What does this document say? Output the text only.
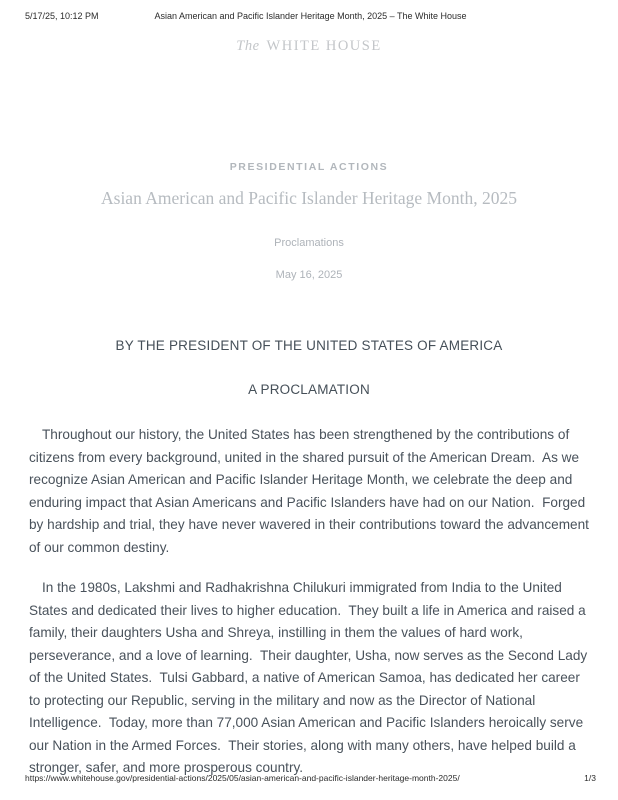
5/17/25, 10:12 PM	Asian American and Pacific Islander Heritage Month, 2025 – The White House
The WHITE HOUSE
PRESIDENTIAL ACTIONS
Asian American and Pacific Islander Heritage Month, 2025
Proclamations
May 16, 2025
BY THE PRESIDENT OF THE UNITED STATES OF AMERICA
A PROCLAMATION

Throughout our history, the United States has been strengthened by the contributions of citizens from every background, united in the shared pursuit of the American Dream.  As we recognize Asian American and Pacific Islander Heritage Month, we celebrate the deep and enduring impact that Asian Americans and Pacific Islanders have had on our Nation.  Forged by hardship and trial, they have never wavered in their contributions toward the advancement of our common destiny.

In the 1980s, Lakshmi and Radhakrishna Chilukuri immigrated from India to the United States and dedicated their lives to higher education.  They built a life in America and raised a family, their daughters Usha and Shreya, instilling in them the values of hard work, perseverance, and a love of learning.  Their daughter, Usha, now serves as the Second Lady of the United States.  Tulsi Gabbard, a native of American Samoa, has dedicated her career to protecting our Republic, serving in the military and now as the Director of National Intelligence.  Today, more than 77,000 Asian American and Pacific Islanders heroically serve our Nation in the Armed Forces.  Their stories, along with many others, have helped build a stronger, safer, and more prosperous country.

https://www.whitehouse.gov/presidential-actions/2025/05/asian-american-and-pacific-islander-heritage-month-2025/	1/3
